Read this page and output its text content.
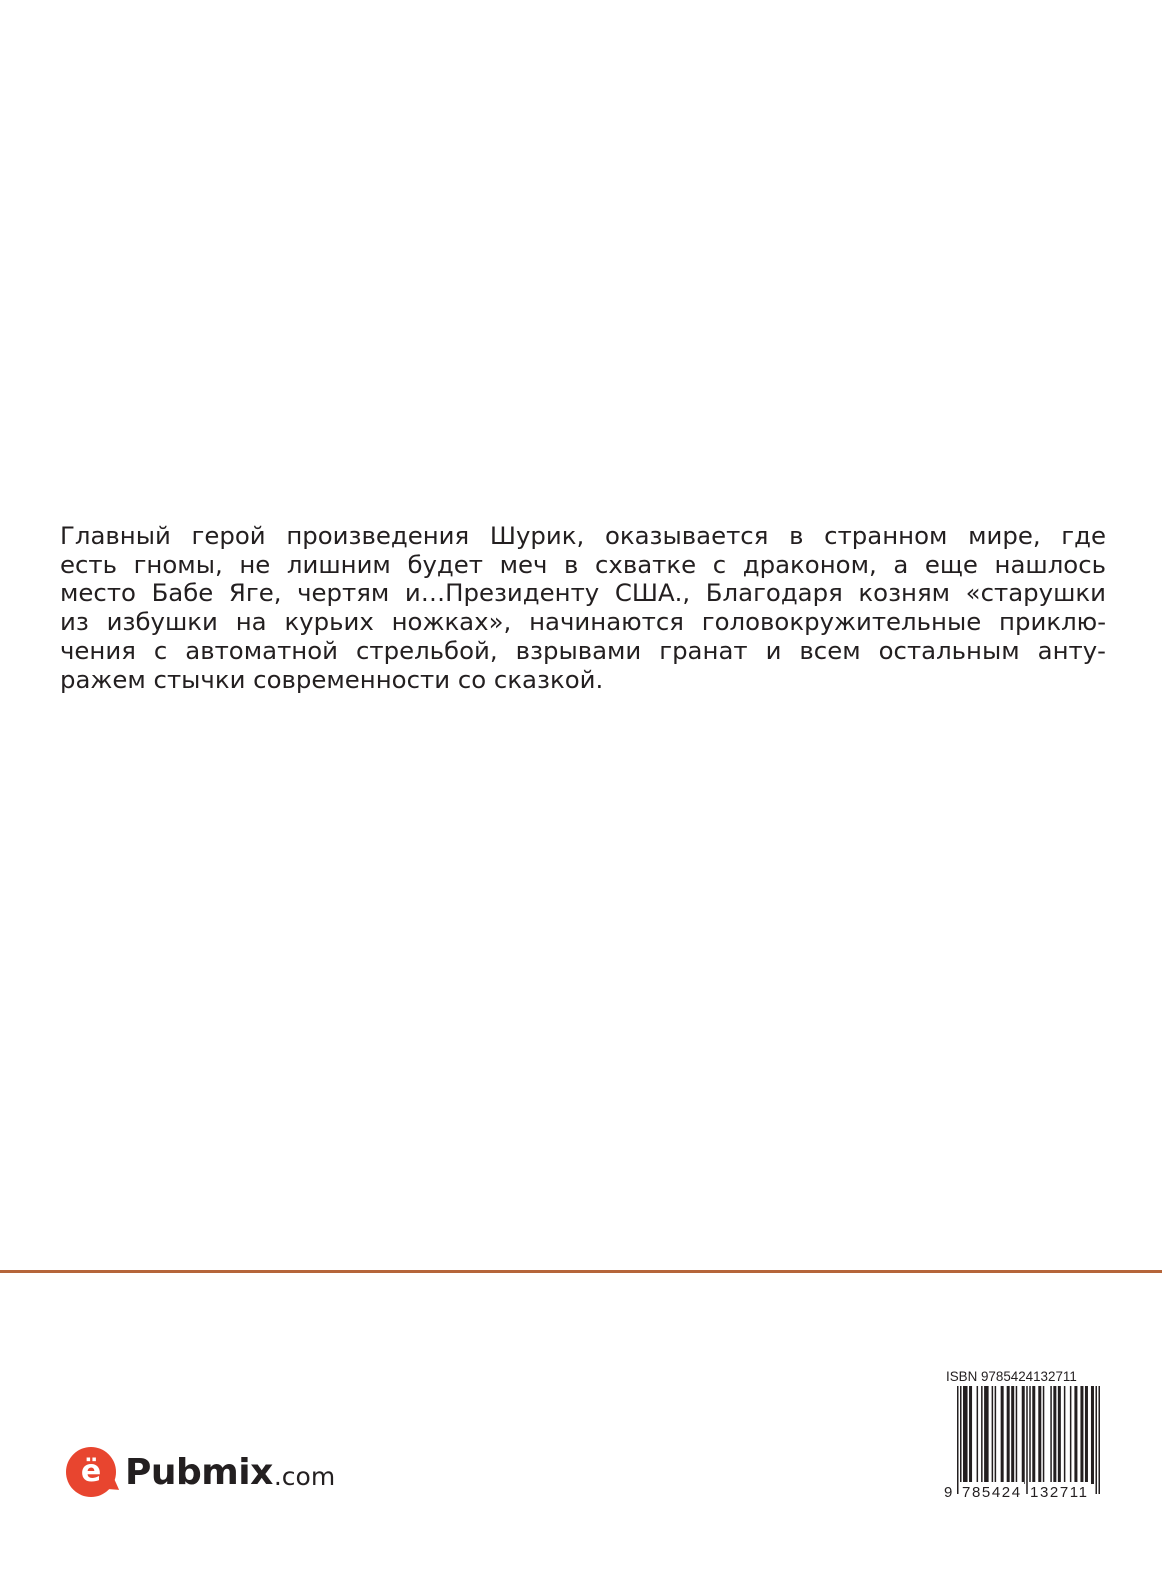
Главный герой произведения Шурик, оказывается в странном мире, где
есть гномы, не лишним будет меч в схватке с драконом, а еще нашлось
место Бабе Яге, чертям и…Президенту США., Благодаря козням «старушки
из избушки на курьих ножках», начинаются головокружительные приклю-
чения с автоматной стрельбой, взрывами гранат и всем остальным анту-
ражем стычки современности со сказкой.

ё Pubmix .com
ISBN 9785424132711
9 785424 132711
